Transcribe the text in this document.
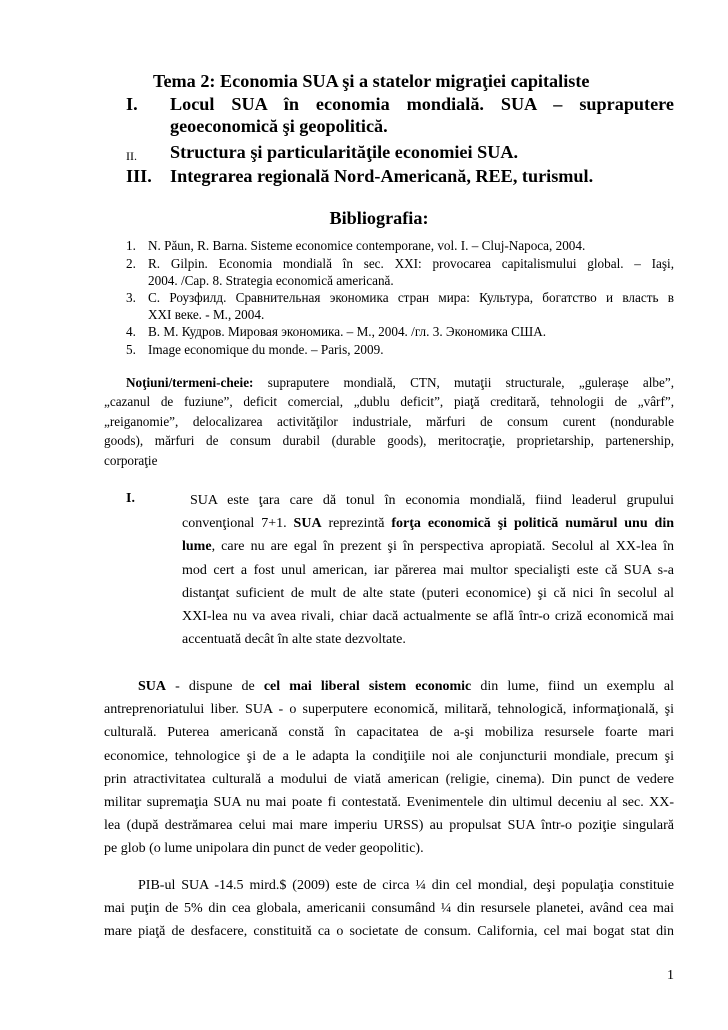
Tema 2: Economia SUA şi a statelor migraţiei capitaliste
I. Locul SUA în economia mondială. SUA – supraputere
geoeconomică şi geopolitică.
II. Structura şi particularităţile economiei SUA.
III. Integrarea regională Nord-Americană, REE, turismul.
Bibliografia:
1. N. Păun, R. Barna. Sisteme economice contemporane, vol. I. – Cluj-Napoca, 2004.
2. R. Gilpin. Economia mondială în sec. XXI: provocarea capitalismului global. – Iaşi,
2004. /Cap. 8. Strategia economică americană.
3. С. Роузфилд. Сравнительная экономика стран мира: Культура, богатство и власть в
XXI веке. - М., 2004.
4. В. М. Кудров. Мировая экономика. – М., 2004. /гл. 3. Экономика США.
5. Image economique du monde. – Paris, 2009.
Noţiuni/termeni-cheie: supraputere mondială, CTN, mutaţii structurale, „gulerașe albe”,
„cazanul de fuziune”, deficit comercial, „dublu deficit”, piaţă creditară, tehnologii de „vârf”,
„reiganomie”, delocalizarea activităţilor industriale, mărfuri de consum curent (nondurable
goods), mărfuri de consum durabil (durable goods), meritocraţie, proprietarship, partenership,
corporaţie
I.	SUA este ţara care dă tonul în economia mondială, fiind leaderul grupului
convenţional 7+1. SUA reprezintă forţa economică şi politică numărul unu din
lume, care nu are egal în prezent şi în perspectiva apropiată. Secolul al XX-lea în
mod cert a fost unul american, iar părerea mai multor specialişti este că SUA s-a
distanţat suficient de mult de alte state (puteri economice) şi că nici în secolul al
XXI-lea nu va avea rivali, chiar dacă actualmente se află într-o criză economică mai
accentuată decât în alte state dezvoltate.
SUA - dispune de cel mai liberal sistem economic din lume, fiind un exemplu al
antreprenoriatului liber. SUA - o superputere economică, militară, tehnologică, informaţională, şi
culturală. Puterea americană constă în capacitatea de a-şi mobiliza resursele foarte mari
economice, tehnologice şi de a le adapta la condiţiile noi ale conjuncturii mondiale, precum şi
prin atractivitatea culturală a modului de viată american (religie, cinema). Din punct de vedere
militar supremaţia SUA nu mai poate fi contestată. Evenimentele din ultimul deceniu al sec. XX-
lea (după destrămarea celui mai mare imperiu URSS) au propulsat SUA într-o poziţie singulară
pe glob (o lume unipolara din punct de veder geopolitic).
PIB-ul SUA -14.5 mird.$ (2009) este de circa ¼ din cel mondial, deşi populaţia constituie
mai puţin de 5% din cea globala, americanii consumând ¼ din resursele planetei, având cea mai
mare piaţă de desfacere, constituită ca o societate de consum. California, cel mai bogat stat din
1
